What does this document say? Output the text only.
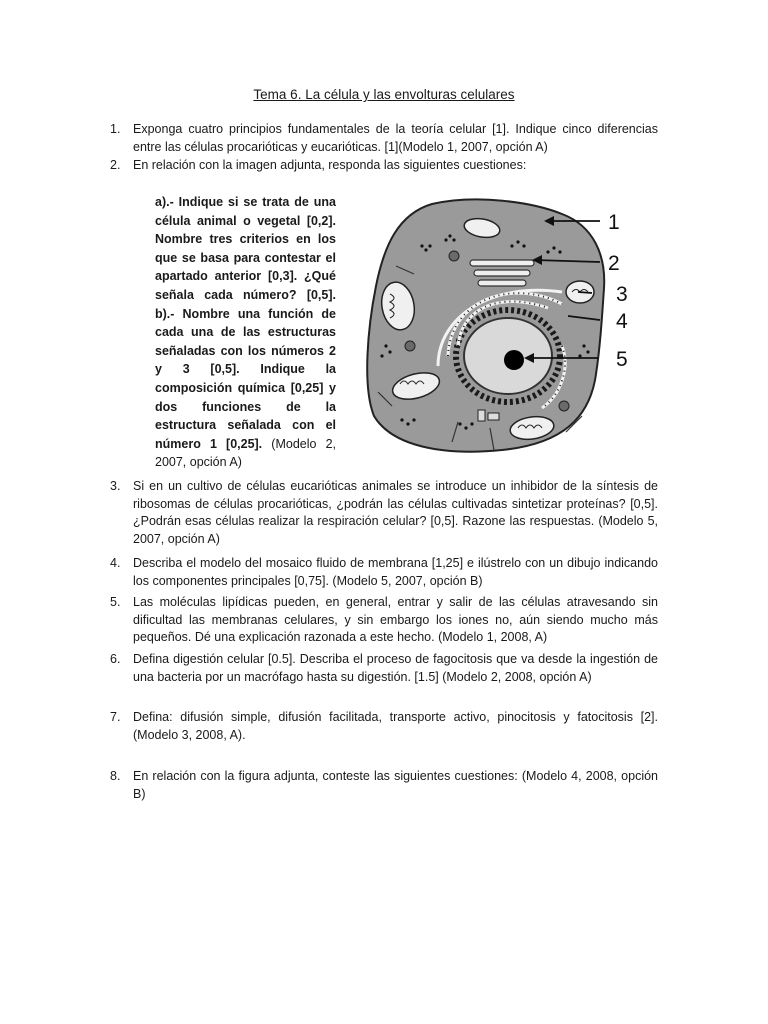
Tema 6. La célula y las envolturas celulares
1. Exponga cuatro principios fundamentales de la teoría celular [1]. Indique cinco diferencias entre las células procarióticas y eucarióticas. [1](Modelo 1, 2007, opción A)
2. En relación con la imagen adjunta, responda las siguientes cuestiones:
a).- Indique si se trata de una célula animal o vegetal [0,2]. Nombre tres criterios en los que se basa para contestar el apartado anterior [0,3]. ¿Qué señala cada número? [0,5]. b).- Nombre una función de cada una de las estructuras señaladas con los números 2 y 3 [0,5]. Indique la composición química [0,25] y dos funciones de la estructura señalada con el número 1 [0,25]. (Modelo 2, 2007, opción A)
1
2
3
4
5
3. Si en un cultivo de células eucarióticas animales se introduce un inhibidor de la síntesis de ribosomas de células procarióticas, ¿podrán las células cultivadas sintetizar proteínas? [0,5]. ¿Podrán esas células realizar la respiración celular? [0,5]. Razone las respuestas. (Modelo 5, 2007, opción A)
4. Describa el modelo del mosaico fluido de membrana [1,25] e ilústrelo con un dibujo indicando los componentes principales [0,75]. (Modelo 5, 2007, opción B)
5. Las moléculas lipídicas pueden, en general, entrar y salir de las células atravesando sin dificultad las membranas celulares, y sin embargo los iones no, aún siendo mucho más pequeños. Dé una explicación razonada a este hecho. (Modelo 1, 2008, A)
6. Defina digestión celular [0.5]. Describa el proceso de fagocitosis que va desde la ingestión de una bacteria por un macrófago hasta su digestión. [1.5] (Modelo 2, 2008, opción A)
7. Defina: difusión simple, difusión facilitada, transporte activo, pinocitosis y fatocitosis [2]. (Modelo 3, 2008, A).
8. En relación con la figura adjunta, conteste las siguientes cuestiones: (Modelo 4, 2008, opción B)
